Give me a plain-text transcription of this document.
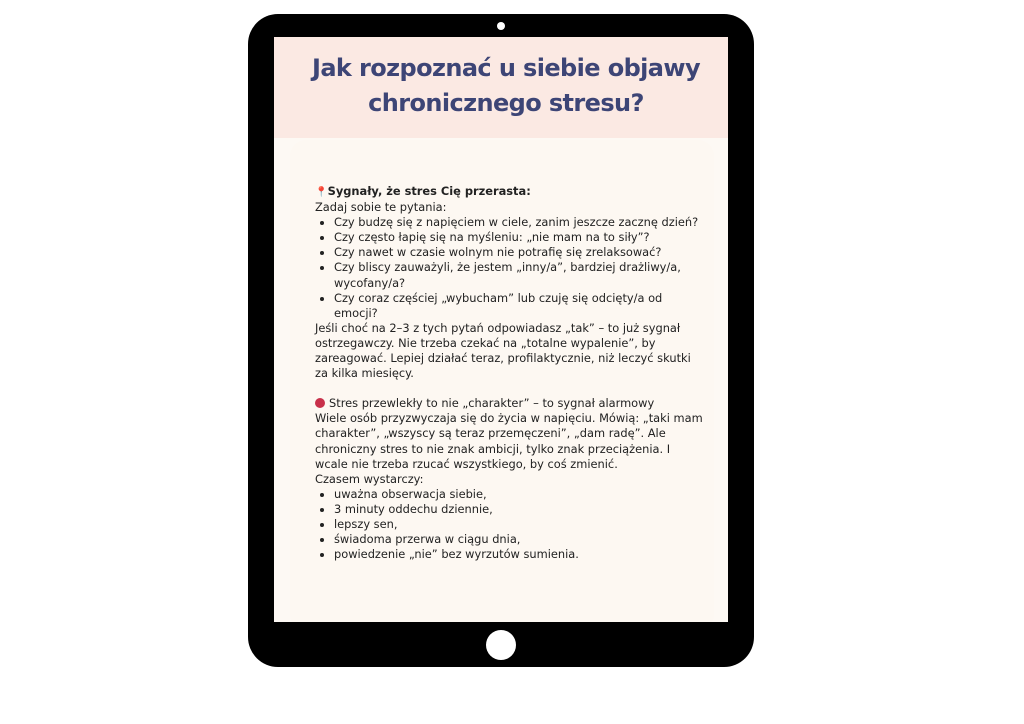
Jak rozpoznać u siebie objawy chronicznego stresu?

📍 Sygnały, że stres Cię przerasta:

Zadaj sobie te pytania:

• Czy budzę się z napięciem w ciele, zanim jeszcze zacznę dzień?
• Czy często łapię się na myśleniu: „nie mam na to siły”?
• Czy nawet w czasie wolnym nie potrafię się zrelaksować?
• Czy bliscy zauważyli, że jestem „inny/a”, bardziej drażliwy/a, wycofany/a?
• Czy coraz częściej „wybucham” lub czuję się odcięty/a od emocji?

Jeśli choć na 2–3 z tych pytań odpowiadasz „tak” – to już sygnał ostrzegawczy. Nie trzeba czekać na „totalne wypalenie”, by zareagować. Lepiej działać teraz, profilaktycznie, niż leczyć skutki za kilka miesięcy.

Stres przewlekły to nie „charakter” – to sygnał alarmowy

Wiele osób przyzwyczaja się do życia w napięciu. Mówią: „taki mam charakter”, „wszyscy są teraz przemęczeni”, „dam radę”. Ale chroniczny stres to nie znak ambicji, tylko znak przeciążenia. I wcale nie trzeba rzucać wszystkiego, by coś zmienić.

Czasem wystarczy:

• uważna obserwacja siebie,
• 3 minuty oddechu dziennie,
• lepszy sen,
• świadoma przerwa w ciągu dnia,
• powiedzenie „nie” bez wyrzutów sumienia.
